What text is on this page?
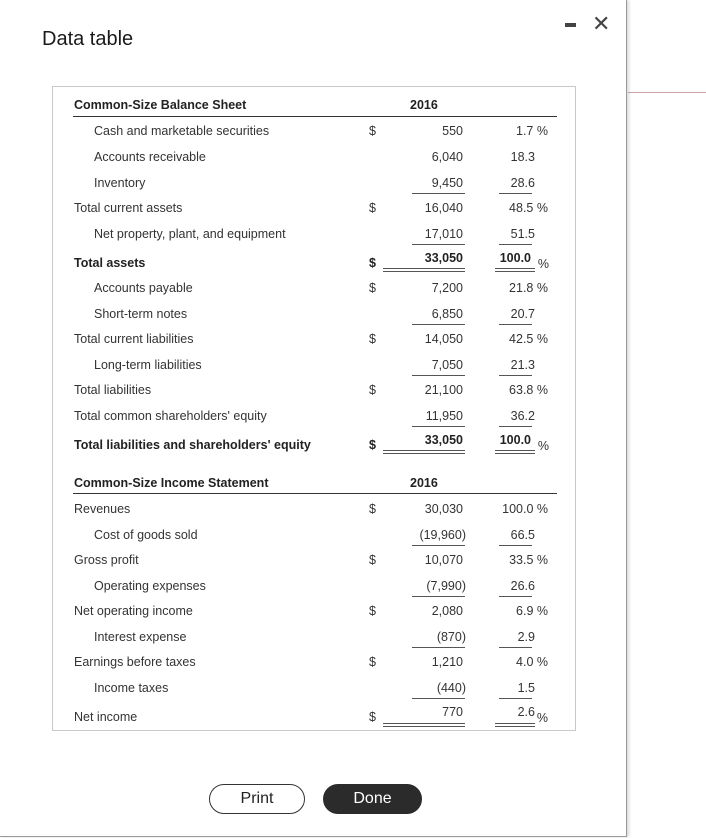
Data table
✕
Common-Size Balance Sheet	2016
Cash and marketable securities	$	550	1.7 %
Accounts receivable	6,040	18.3
Inventory	9,450	28.6
Total current assets	$	16,040	48.5 %
Net property, plant, and equipment	17,010	51.5
Total assets	$	33,050	100.0 %
Accounts payable	$	7,200	21.8 %
Short-term notes	6,850	20.7
Total current liabilities	$	14,050	42.5 %
Long-term liabilities	7,050	21.3
Total liabilities	$	21,100	63.8 %
Total common shareholders' equity	11,950	36.2
Total liabilities and shareholders' equity	$	33,050	100.0 %
Common-Size Income Statement	2016
Revenues	$	30,030	100.0 %
Cost of goods sold	(19,960)	66.5
Gross profit	$	10,070	33.5 %
Operating expenses	(7,990)	26.6
Net operating income	$	2,080	6.9 %
Interest expense	(870)	2.9
Earnings before taxes	$	1,210	4.0 %
Income taxes	(440)	1.5
Net income	$	770	2.6 %
Print	Done
